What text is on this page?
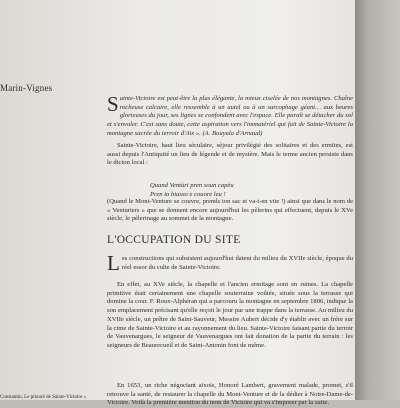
Marin-Vignes
Sainte-Victoire est peut-être la plus élégante, la mieux ciselée de nos montagnes. Chaîne rocheuse calcaire, elle ressemble à un autel ou à un sarcophage géant… aux heures glorieuses du jour, ses lignes se confondent avec l'espace. Elle paraît se détacher du sol et s'envoler. C'est sans doute, cette aspiration vers l'immatériel qui fait de Sainte-Victoire la montagne sacrée du terroir d'Aix ». (A. Bouyala d'Arnaud)
Sainte-Victoire, haut lieu séculaire, séjour privilégié des solitaires et des ermites, est aussi depuis l'Antiquité un lieu de légende et de mystère. Mais le terme ancien persiste dans le dicton local :
Quand Ventùri pren soun capèu
Pren ta biasso e couore leu !
(Quand le Mont-Venture se couvre, prends ton sac et va-t-en vite !) ainsi que dans le nom de « Venturiers » que se donnent encore aujourd'hui les pèlerins qui effectuent, depuis le XVe siècle, le pèlerinage au sommet de la montagne.
L'OCCUPATION DU SITE
Les constructions qui subsistent aujourd'hui datent du milieu du XVIIe siècle, époque du réel essor du culte de Sainte-Victoire.
En effet, au XVe siècle, la chapelle et l'ancien ermitage sont en ruines. La chapelle primitive était certainement une chapelle souterraine voûtée, située sous la terrasse qui domine la cour. F. Roux-Alphéran qui a parcouru la montagne en septembre 1806, indique la son emplacement précisant qu'elle reçoit le jour par une trappe dans la terrasse. Au milieu du XVIIe siècle, un prêtre de Saint-Sauveur, Messire Aubert décide d'y établir avec un frère sur la cime de Sainte-Victoire et au rayonnement du lieu. Sainte-Victoire faisant partie du terroir de Vauvenargues, le seigneur de Vauvenargues ont fait donation de la partie du terrain : les seigneurs de Beaurecueil et de Saint-Antonin font de même.
En 1653, un riche négociant aixois, Honoré Lambert, gravement malade, promet, s'il retrouve la santé, de restaurer la chapelle du Mont-Venture et de la dédier à Notre-Dame-de-Victoire. Voilà la première mention du nom de Victoire qui va s'imposer par la suite.
Constantin, Le prieuré de Sainte-Victoire »
